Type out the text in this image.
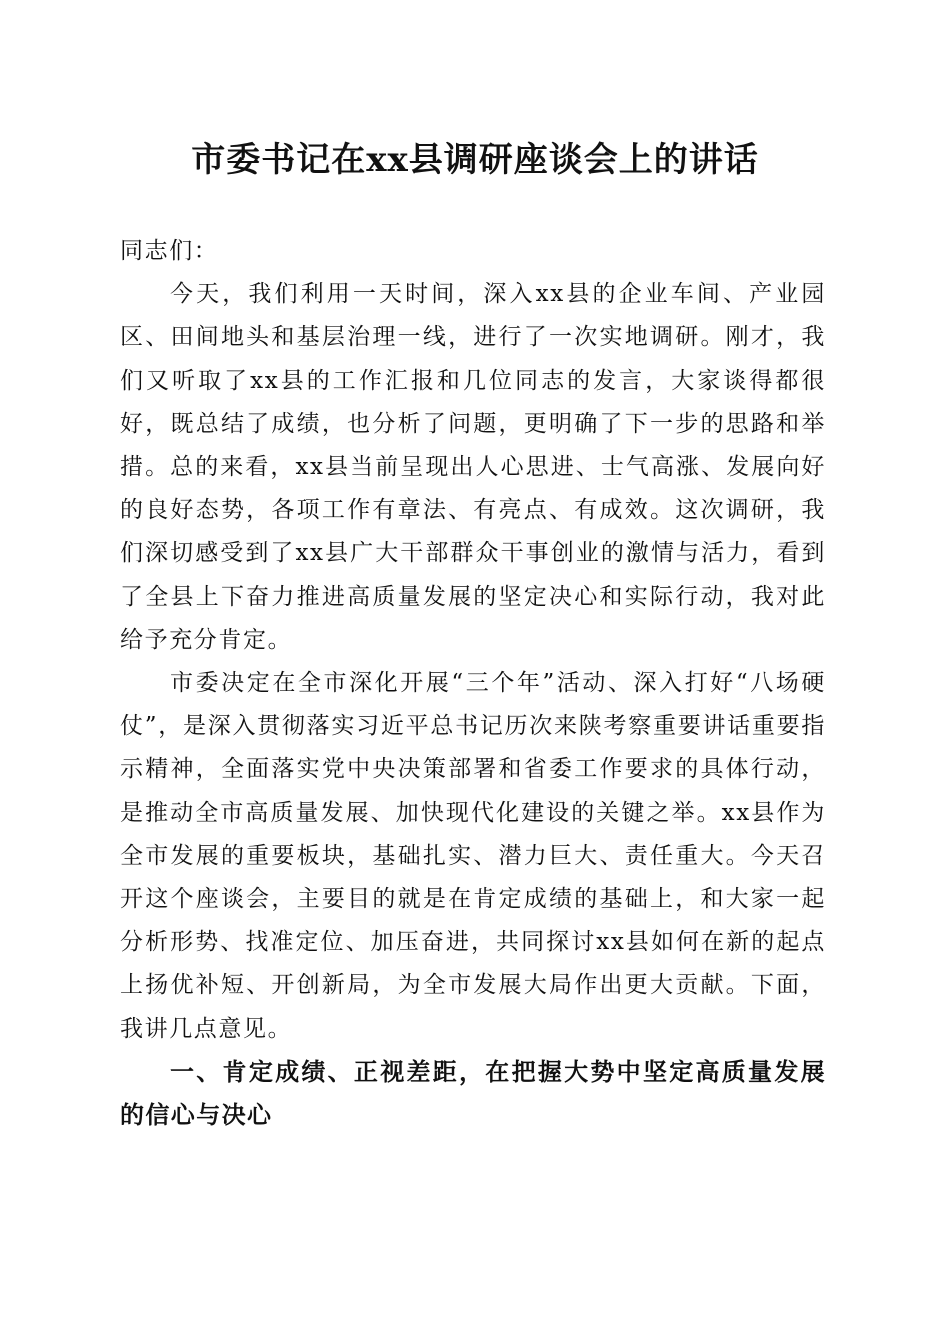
市委书记在xx县调研座谈会上的讲话

同志们：

今天，我们利用一天时间，深入xx县的企业车间、产业园区、田间地头和基层治理一线，进行了一次实地调研。刚才，我们又听取了xx县的工作汇报和几位同志的发言，大家谈得都很好，既总结了成绩，也分析了问题，更明确了下一步的思路和举措。总的来看，xx县当前呈现出人心思进、士气高涨、发展向好的良好态势，各项工作有章法、有亮点、有成效。这次调研，我们深切感受到了xx县广大干部群众干事创业的激情与活力，看到了全县上下奋力推进高质量发展的坚定决心和实际行动，我对此给予充分肯定。

市委决定在全市深化开展“三个年”活动、深入打好“八场硬仗”，是深入贯彻落实习近平总书记历次来陕考察重要讲话重要指示精神，全面落实党中央决策部署和省委工作要求的具体行动，是推动全市高质量发展、加快现代化建设的关键之举。xx县作为全市发展的重要板块，基础扎实、潜力巨大、责任重大。今天召开这个座谈会，主要目的就是在肯定成绩的基础上，和大家一起分析形势、找准定位、加压奋进，共同探讨xx县如何在新的起点上扬优补短、开创新局，为全市发展大局作出更大贡献。下面，我讲几点意见。

一、肯定成绩、正视差距，在把握大势中坚定高质量发展的信心与决心
